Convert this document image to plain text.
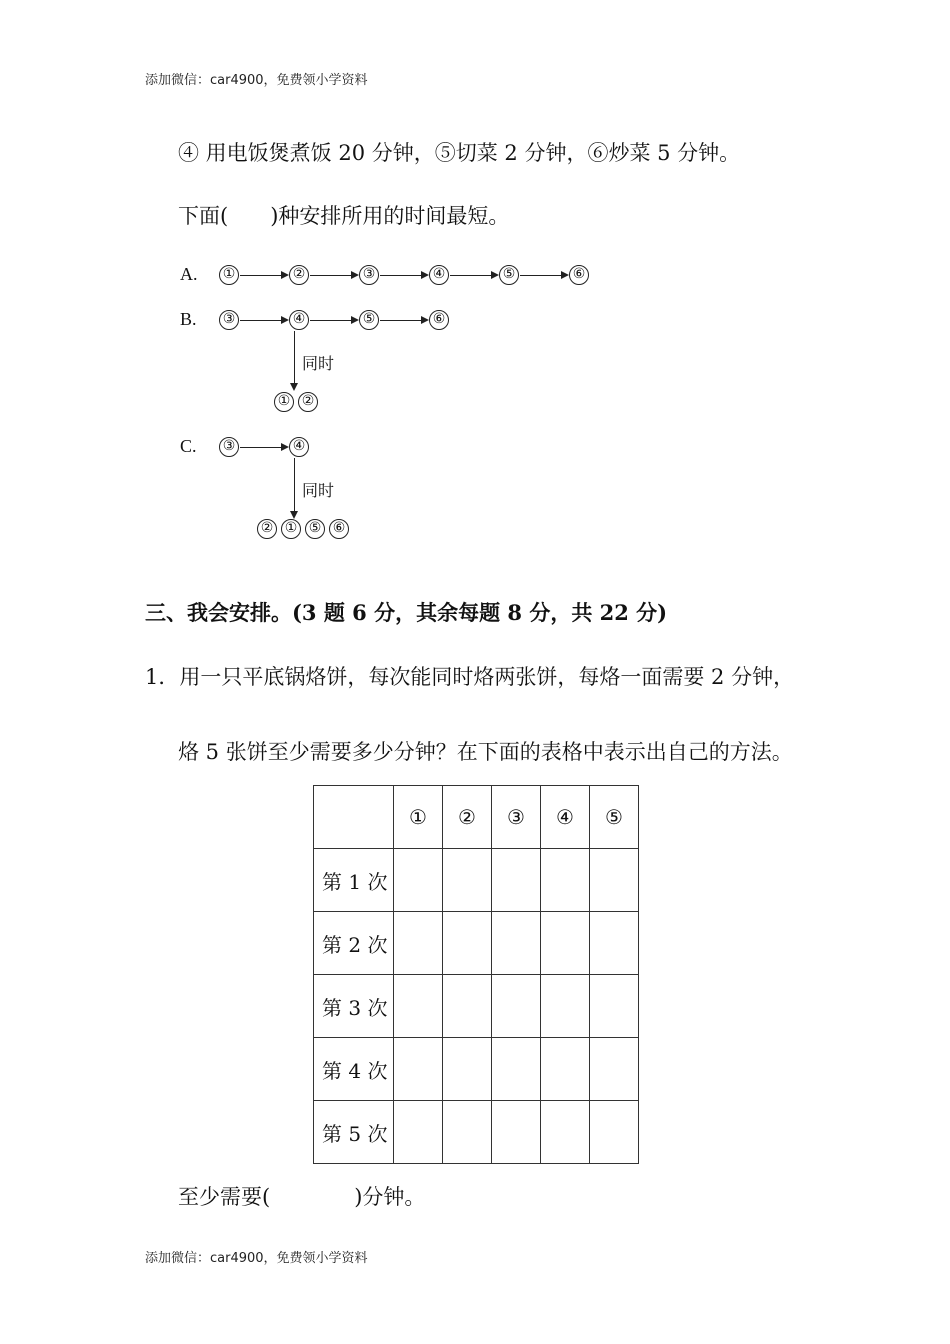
添加微信：car4900，免费领小学资料
添加微信：car4900，免费领小学资料
④ 用电饭煲煮饭 20 分钟，⑤切菜 2 分钟，⑥炒菜 5 分钟。
下面(　　)种安排所用的时间最短。
A. ①	②	③	④	⑤	⑥
B. ③	④	⑤	⑥
同时
① ②
C. ③	④
同时
② ① ⑤ ⑥
三、我会安排。(3 题 6 分，其余每题 8 分，共 22 分)
1．用一只平底锅烙饼，每次能同时烙两张饼，每烙一面需要 2 分钟，
烙 5 张饼至少需要多少分钟？在下面的表格中表示出自己的方法。
	①	②	③	④	⑤
第 1 次					
第 2 次					
第 3 次					
第 4 次					
第 5 次					
至少需要(　　　　)分钟。
